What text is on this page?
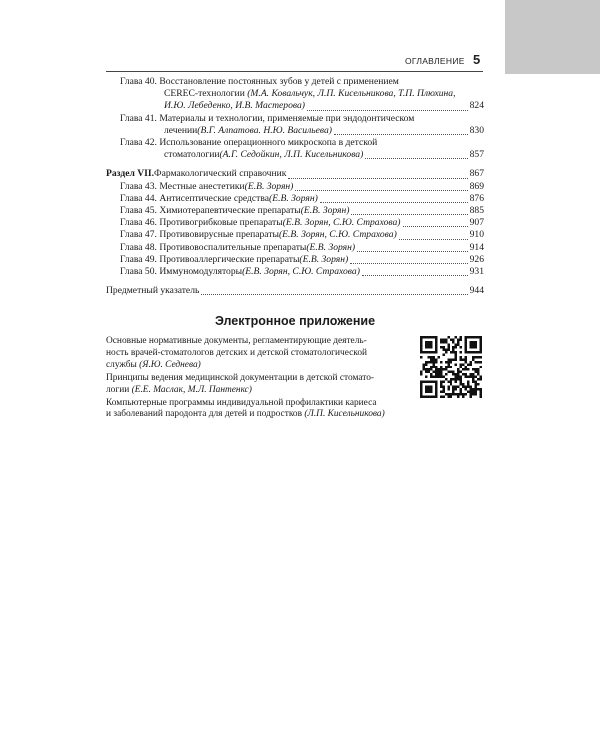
ОГЛАВЛЕНИЕ 5
Глава 40. Восстановление постоянных зубов у детей с применением
CEREC-технологии (М.А. Ковальчук, Л.П. Кисельникова, Т.П. Плюхина,
И.Ю. Лебеденко, И.В. Мастерова)	824
Глава 41. Материалы и технологии, применяемые при эндодонтическом
лечении (В.Г. Алпатова. Н.Ю. Васильева)	830
Глава 42. Использование операционного микроскопа в детской
стоматологии (А.Г. Седойкин, Л.П. Кисельникова)	857
Раздел VII. Фармакологический справочник	867
Глава 43. Местные анестетики (Е.В. Зорян)	869
Глава 44. Антисептические средства (Е.В. Зорян)	876
Глава 45. Химиотерапевтические препараты (Е.В. Зорян)	885
Глава 46. Противогрибковые препараты (Е.В. Зорян, С.Ю. Страхова)	907
Глава 47. Противовирусные препараты (Е.В. Зорян, С.Ю. Страхова)	910
Глава 48. Противовоспалительные препараты (Е.В. Зорян)	914
Глава 49. Противоаллергические препараты (Е.В. Зорян)	926
Глава 50. Иммуномодуляторы (Е.В. Зорян, С.Ю. Страхова)	931
Предметный указатель	944
Электронное приложение
Основные нормативные документы, регламентирующие деятель-
ность врачей-стоматологов детских и детской стоматологической
службы (Я.Ю. Седнева)
Принципы ведения медицинской документации в детской стомато-
логии (Е.Е. Маслак, М.Л. Пантенкс)
Компьютерные программы индивидуальной профилактики кариеса
и заболеваний пародонта для детей и подростков (Л.П. Кисельникова)
